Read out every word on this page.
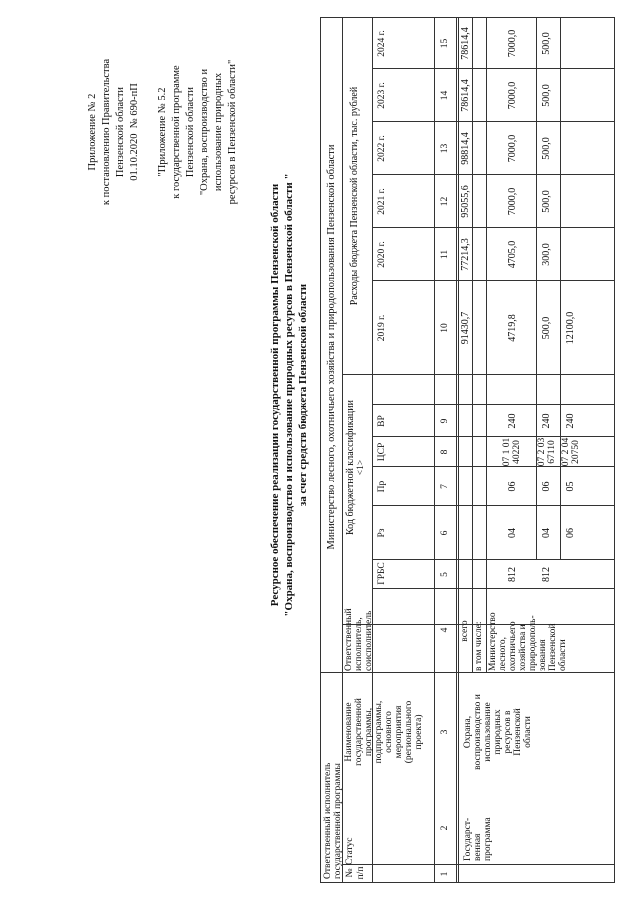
Приложение № 2 к постановлению Правительства Пензенской области 01.10.2020  № 690-пП "Приложение № 5.2 к государственной программе Пензенской области "Охрана, воспроизводство и использование природных ресурсов в Пензенской области"
Ресурсное обеспечение реализации государственной программы Пензенской области "Охрана, воспроизводство и использование природных ресурсов в Пензенской области " за счет средств бюджета Пензенской области
Ответственный исполнитель государственной программы
Министерство лесного, охотничьего хозяйства и природопользования Пензенской области
№ п/п
Статус
Наименование государственной программы, подпрограммы, основного мероприятия (регионального проекта)
Ответственный исполнитель, соисполнитель
Код бюджетной классификации <1>
Расходы бюджета Пензенской области, тыс. рублей
ГРБС
Рз
Пр
ЦСР
ВР
2019 г.
2020 г.
2021 г.
2022 г.
2023 г.
2024 г.
1
2
3
4
5
6
7
8
9
10
11
12
13
14
15
Государст- венная программа
Охрана, воспроизводство и использование природных ресурсов в Пензенской области
всего
91430,7
77214,3
95055,6
98814,4
78614,4
78614,4
в том числе: Министерство лесного, охотничьего хозяйства и природополь- зования Пензенской области
812
04
06
07 1 01 40220
240
4719,8
4705,0
7000,0
7000,0
7000,0
7000,0
812
04
06
07 2 03 67110
240
500,0
300,0
500,0
500,0
500,0
500,0
06
05
07 2 04 20750
240
12100,0
